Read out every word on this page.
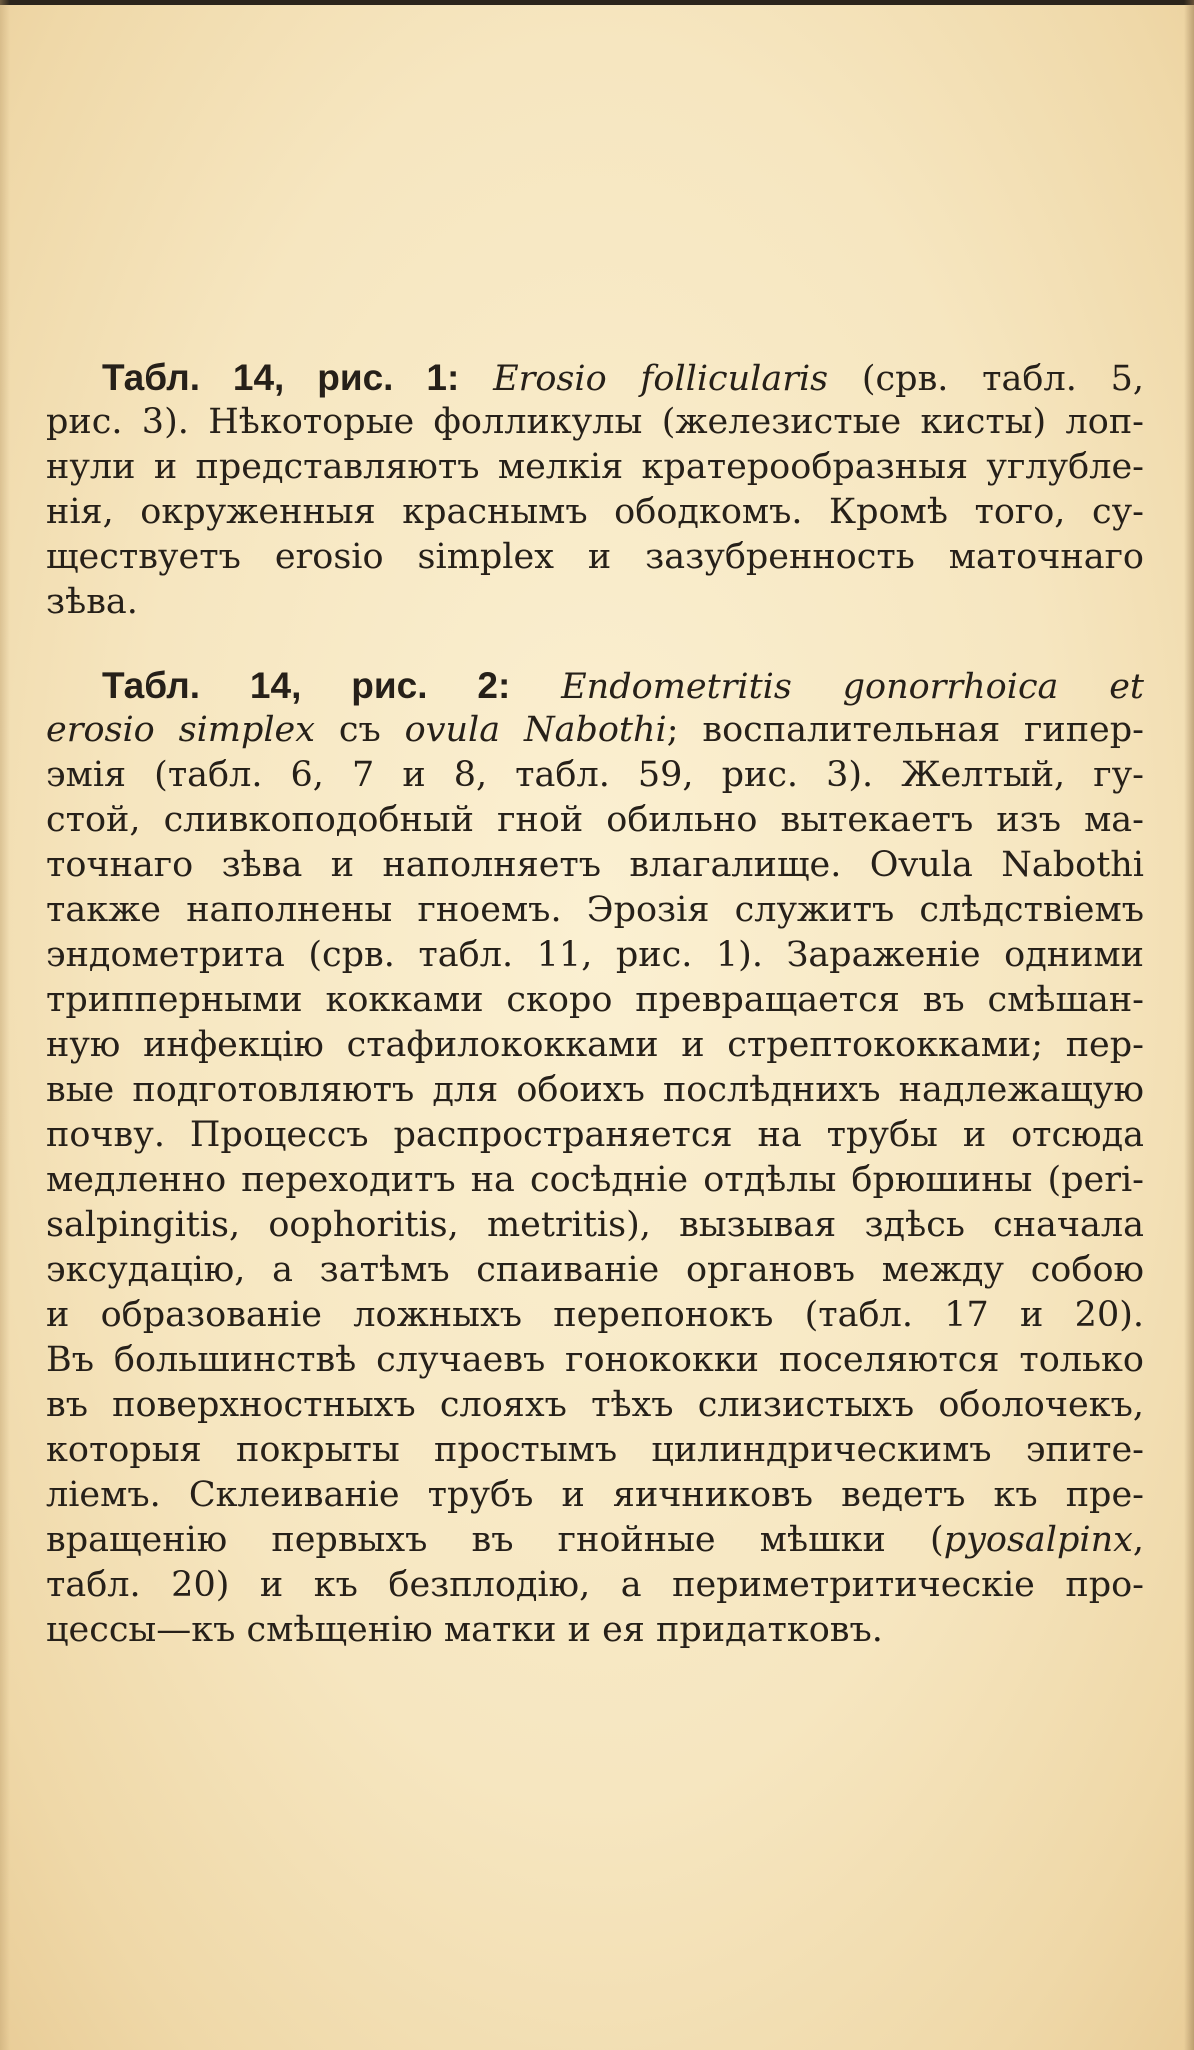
Табл. 14, рис. 1: Erosio follicularis (срв. табл. 5,
рис. 3). Нѣкоторые фолликулы (железистые кисты) лоп-
нули и представляютъ мелкія кратерообразныя углубле-
нія, окруженныя краснымъ ободкомъ. Кромѣ того, су-
ществуетъ erosio simplex и зазубренность маточнаго
зѣва.
Табл. 14, рис. 2: Endometritis gonorrhoica et
erosio simplex съ ovula Nabothi; воспалительная гипер-
эмія (табл. 6, 7 и 8, табл. 59, рис. 3). Желтый, гу-
стой, сливкоподобный гной обильно вытекаетъ изъ ма-
точнаго зѣва и наполняетъ влагалище. Ovula Nabothi
также наполнены гноемъ. Эрозія служитъ слѣдствіемъ
эндометрита (срв. табл. 11, рис. 1). Зараженіе одними
трипперными кокками скоро превращается въ смѣшан-
ную инфекцію стафилококками и стрептококками; пер-
вые подготовляютъ для обоихъ послѣднихъ надлежащую
почву. Процессъ распространяется на трубы и отсюда
медленно переходитъ на сосѣдніе отдѣлы брюшины (peri-
salpingitis, oophoritis, metritis), вызывая здѣсь сначала
эксудацію, а затѣмъ спаиваніе органовъ между собою
и образованіе ложныхъ перепонокъ (табл. 17 и 20).
Въ большинствѣ случаевъ гонококки поселяются только
въ поверхностныхъ слояхъ тѣхъ слизистыхъ оболочекъ,
которыя покрыты простымъ цилиндрическимъ эпите-
ліемъ. Склеиваніе трубъ и яичниковъ ведетъ къ пре-
вращенію первыхъ въ гнойные мѣшки (pyosalpinx,
табл. 20) и къ безплодію, а периметритическіе про-
цессы—къ смѣщенію матки и ея придатковъ.
